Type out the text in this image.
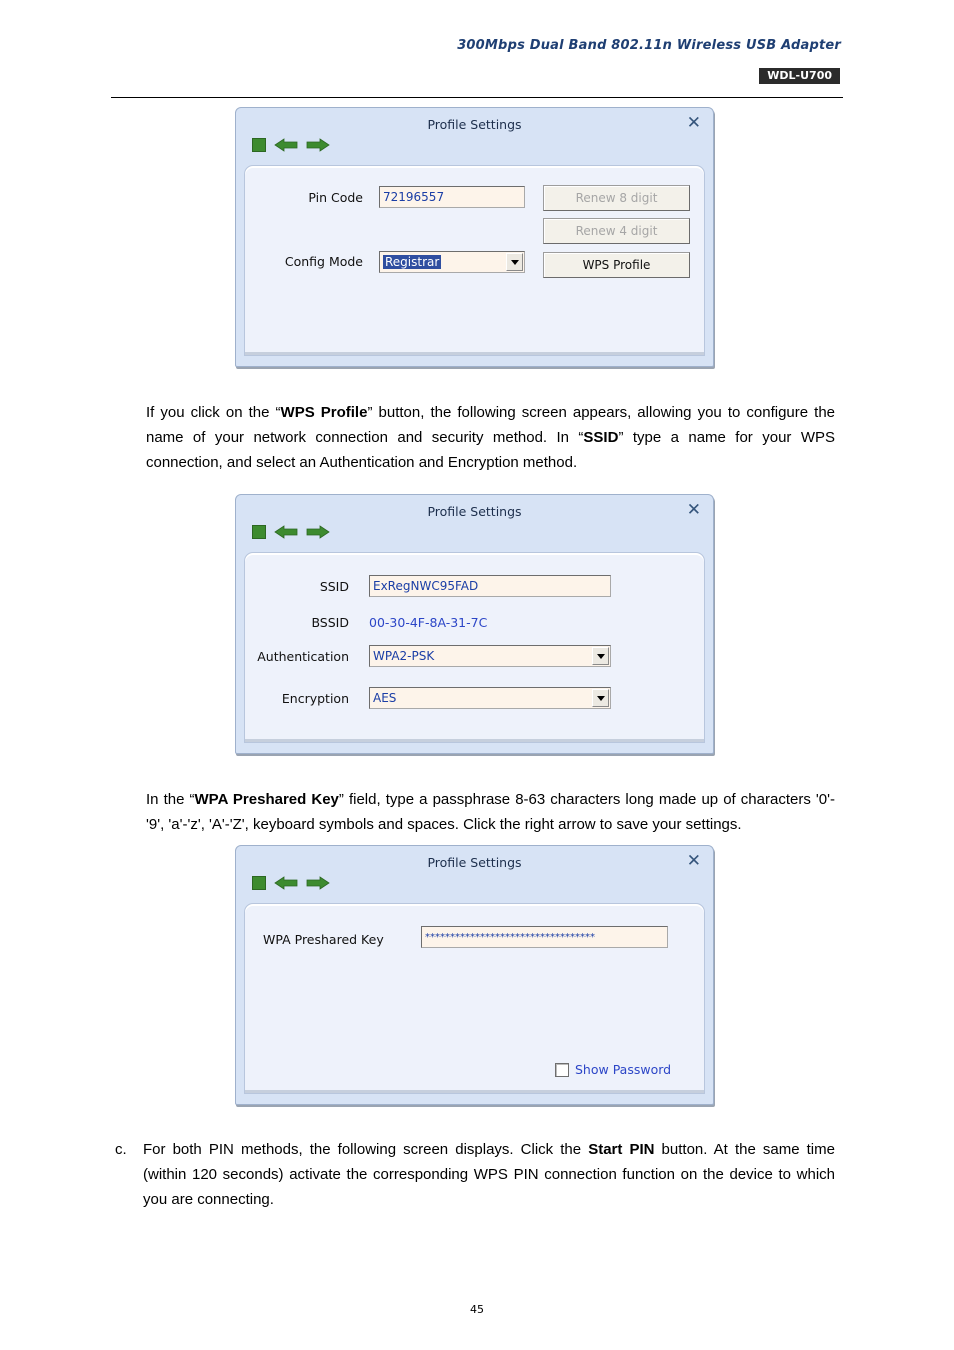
300Mbps Dual Band 802.11n Wireless USB Adapter
WDL-U700
Profile Settings	✕
Pin Code	72196557	Renew 8 digit
Renew 4 digit
Config Mode	Registrar	WPS Profile
If you click on the “WPS Profile” button, the following screen appears, allowing you to configure the name of your network connection and security method. In “SSID” type a name for your WPS connection, and select an Authentication and Encryption method.
Profile Settings	✕
SSID	ExRegNWC95FAD
BSSID 00-30-4F-8A-31-7C
Authentication	WPA2-PSK
Encryption	AES
In the “WPA Preshared Key” field, type a passphrase 8-63 characters long made up of characters '0'-'9', 'a'-'z', 'A'-'Z', keyboard symbols and spaces. Click the right arrow to save your settings.
Profile Settings	✕
WPA Preshared Key	**********************************
Show Password
c. For both PIN methods, the following screen displays. Click the Start PIN button. At the same time (within 120 seconds) activate the corresponding WPS PIN connection function on the device to which you are connecting.
45
